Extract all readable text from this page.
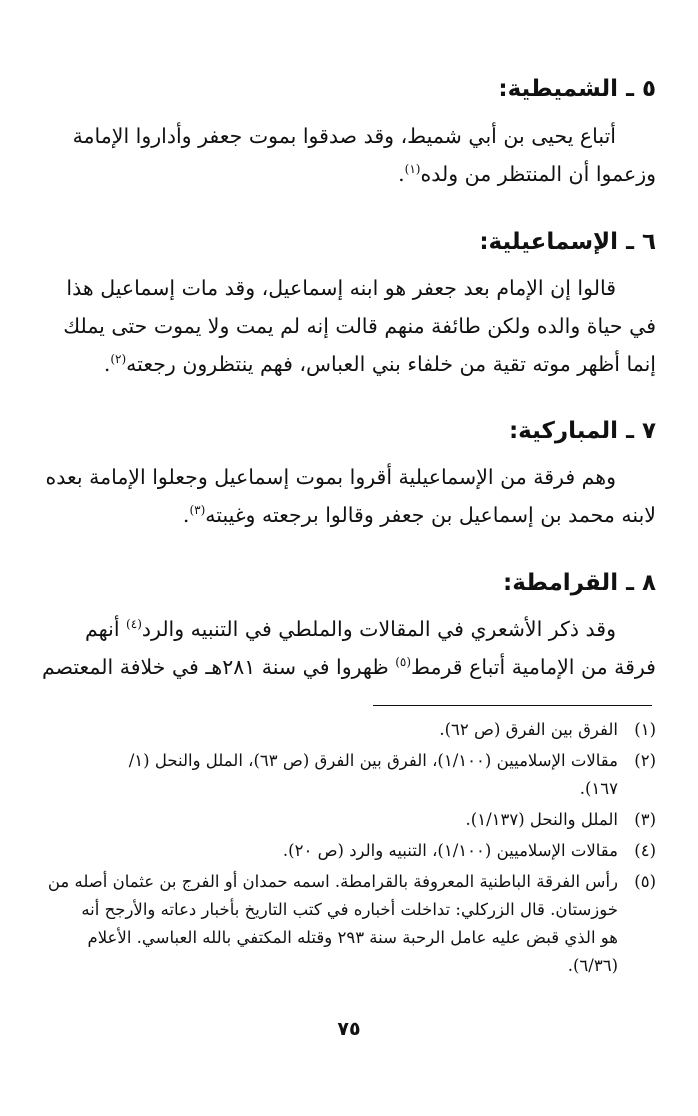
٥ ـ الشميطية:
أتباع يحيى بن أبي شميط، وقد صدقوا بموت جعفر وأداروا الإمامة
وزعموا أن المنتظر من ولده$^{(١)}$.
٦ ـ الإسماعيلية:
قالوا إن الإمام بعد جعفر هو ابنه إسماعيل، وقد مات إسماعيل هذا
في حياة والده ولكن طائفة منهم قالت إنه لم يمت ولا يموت حتى يملك
إنما أظهر موته تقية من خلفاء بني العباس، فهم ينتظرون رجعته$^{(٢)}$.
٧ ـ المباركية:
وهم فرقة من الإسماعيلية أقروا بموت إسماعيل وجعلوا الإمامة بعده
لابنه محمد بن إسماعيل بن جعفر وقالوا برجعته وغيبته$^{(٣)}$.
٨ ـ القرامطة:
وقد ذكر الأشعري في المقالات والملطي في التنبيه والرد$^{(٤)}$ أنهم
فرقة من الإمامية أتباع قرمط$^{(٥)}$ ظهروا في سنة ٢٨١هـ في خلافة المعتصم
(١)
الفرق بين الفرق (ص ٦٢).
(٢)
مقالات الإسلاميين (١/١٠٠)، الفرق بين الفرق (ص ٦٣)، الملل والنحل (١/
١٦٧).
(٣)
الملل والنحل (١/١٣٧).
(٤)
مقالات الإسلاميين (١/١٠٠)، التنبيه والرد (ص ٢٠).
(٥)
رأس الفرقة الباطنية المعروفة بالقرامطة. اسمه حمدان أو الفرج بن عثمان أصله من
خوزستان. قال الزركلي: تداخلت أخباره في كتب التاريخ بأخبار دعاته والأرجح أنه
هو الذي قبض عليه عامل الرحبة سنة ٢٩٣ وقتله المكتفي بالله العباسي. الأعلام
(٦/٣٦).
٧٥
